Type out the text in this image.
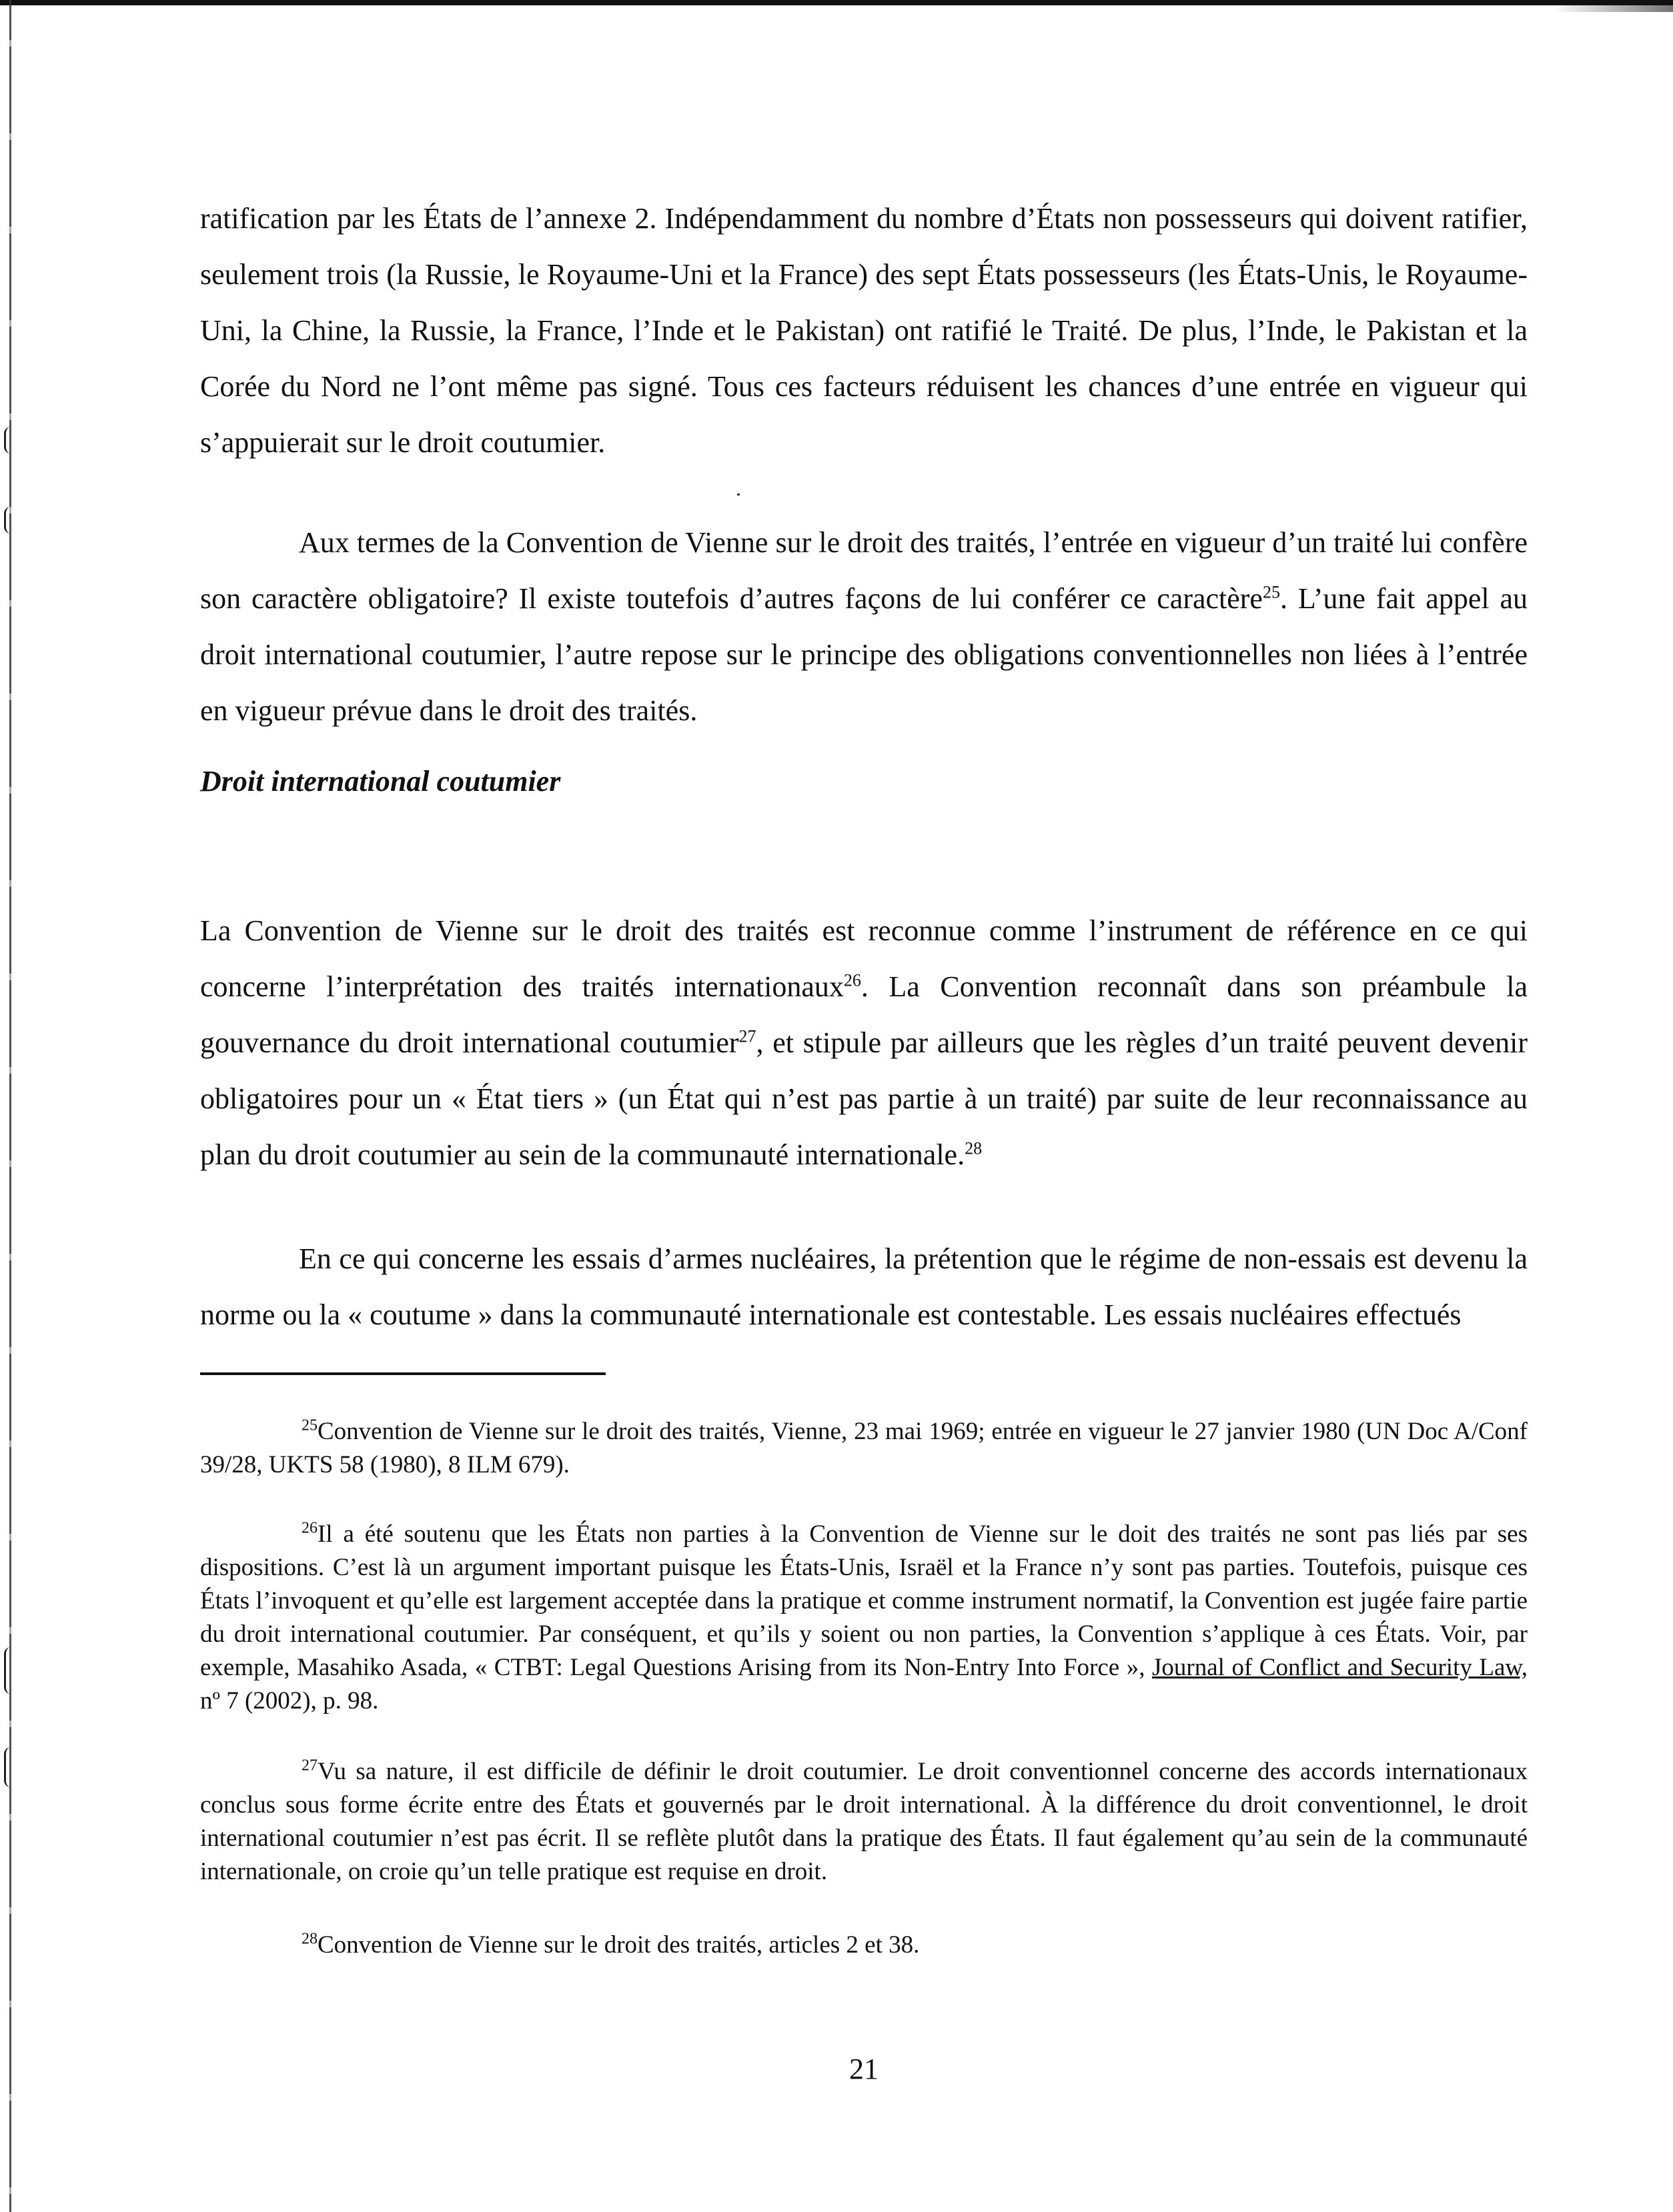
ratification par les États de l’annexe 2. Indépendamment du nombre d’États non possesseurs qui doivent ratifier, seulement trois (la Russie, le Royaume-Uni et la France) des sept États possesseurs (les États-Unis, le Royaume-Uni, la Chine, la Russie, la France, l’Inde et le Pakistan) ont ratifié le Traité. De plus, l’Inde, le Pakistan et la Corée du Nord ne l’ont même pas signé. Tous ces facteurs réduisent les chances d’une entrée en vigueur qui s’appuierait sur le droit coutumier.

Aux termes de la Convention de Vienne sur le droit des traités, l’entrée en vigueur d’un traité lui confère son caractère obligatoire? Il existe toutefois d’autres façons de lui conférer ce caractère$^{25}$. L’une fait appel au droit international coutumier, l’autre repose sur le principe des obligations conventionnelles non liées à l’entrée en vigueur prévue dans le droit des traités.

Droit international coutumier

La Convention de Vienne sur le droit des traités est reconnue comme l’instrument de référence en ce qui concerne l’interprétation des traités internationaux$^{26}$. La Convention reconnaît dans son préambule la gouvernance du droit international coutumier$^{27}$, et stipule par ailleurs que les règles d’un traité peuvent devenir obligatoires pour un « État tiers » (un État qui n’est pas partie à un traité) par suite de leur reconnaissance au plan du droit coutumier au sein de la communauté internationale.$^{28}$

En ce qui concerne les essais d’armes nucléaires, la prétention que le régime de non-essais est devenu la norme ou la « coutume » dans la communauté internationale est contestable. Les essais nucléaires effectués

$^{25}$Convention de Vienne sur le droit des traités, Vienne, 23 mai 1969; entrée en vigueur le 27 janvier 1980 (UN Doc A/Conf 39/28, UKTS 58 (1980), 8 ILM 679).

$^{26}$Il a été soutenu que les États non parties à la Convention de Vienne sur le doit des traités ne sont pas liés par ses dispositions. C’est là un argument important puisque les États-Unis, Israël et la France n’y sont pas parties. Toutefois, puisque ces États l’invoquent et qu’elle est largement acceptée dans la pratique et comme instrument normatif, la Convention est jugée faire partie du droit international coutumier. Par conséquent, et qu’ils y soient ou non parties, la Convention s’applique à ces États. Voir, par exemple, Masahiko Asada, « CTBT: Legal Questions Arising from its Non-Entry Into Force », Journal of Conflict and Security Law, nº 7 (2002), p. 98.

$^{27}$Vu sa nature, il est difficile de définir le droit coutumier. Le droit conventionnel concerne des accords internationaux conclus sous forme écrite entre des États et gouvernés par le droit international. À la différence du droit conventionnel, le droit international coutumier n’est pas écrit. Il se reflète plutôt dans la pratique des États. Il faut également qu’au sein de la communauté internationale, on croie qu’un telle pratique est requise en droit.

$^{28}$Convention de Vienne sur le droit des traités, articles 2 et 38.

21
